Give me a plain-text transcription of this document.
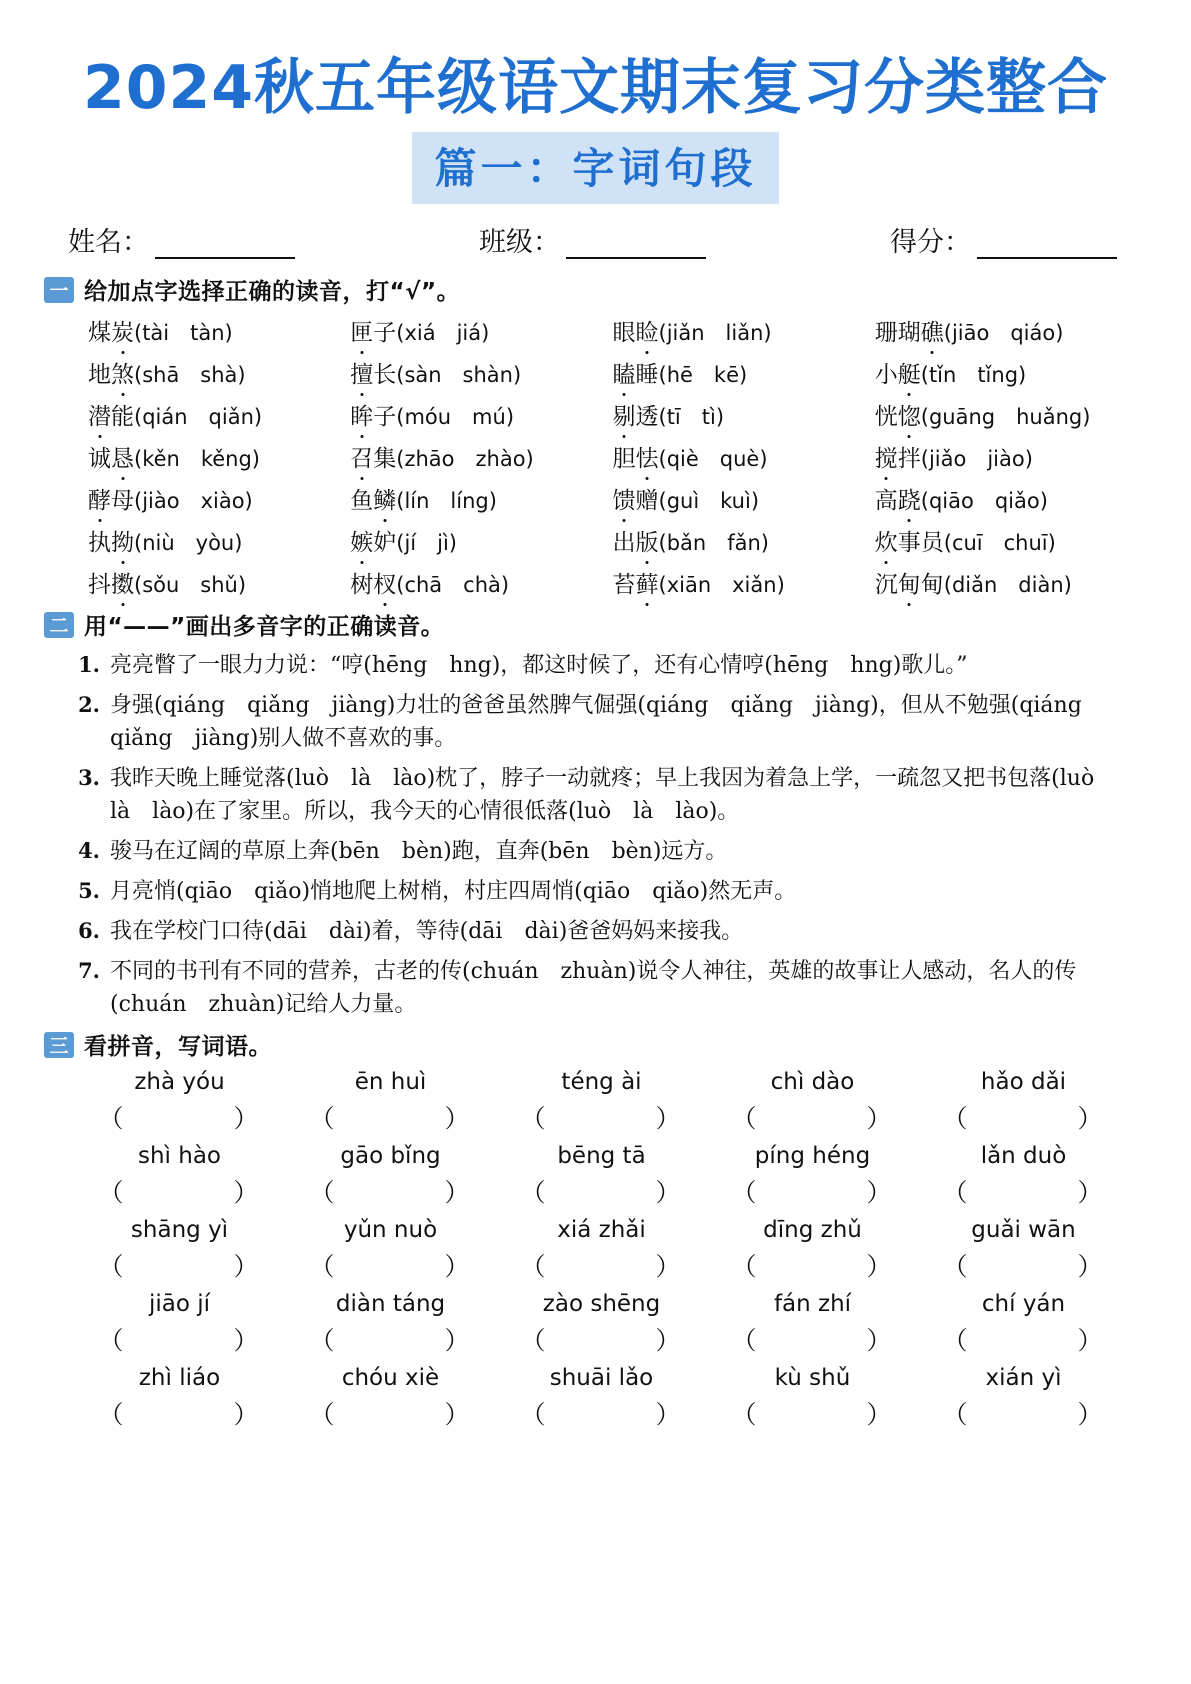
2024秋五年级语文期末复习分类整合
篇一：字词句段
姓名：	班级：	得分：
一 给加点字选择正确的读音，打“√”。
煤炭(tài　tàn)	匣子(xiá　jiá)	眼睑(jiǎn　liǎn)	珊瑚礁(jiāo　qiáo)
地煞(shā　shà)	擅长(sàn　shàn)	瞌睡(hē　kē)	小艇(tǐn　tǐng)
潜能(qián　qiǎn)	眸子(móu　mú)	剔透(tī　tì)	恍惚(guāng　huǎng)
诚恳(kěn　kěng)	召集(zhāo　zhào)	胆怯(qiè　què)	搅拌(jiǎo　jiào)
酵母(jiào　xiào)	鱼鳞(lín　líng)	馈赠(guì　kuì)	高跷(qiāo　qiǎo)
执拗(niù　yòu)	嫉妒(jí　jì)	出版(bǎn　fǎn)	炊事员(cuī　chuī)
抖擞(sǒu　shǔ)	树杈(chā　chà)	苔藓(xiān　xiǎn)	沉甸甸(diǎn　diàn)
二 用“——”画出多音字的正确读音。
1. 亮亮瞥了一眼力力说：“哼(hēng　hng)，都这时候了，还有心情哼(hēng　hng)歌儿。”
2. 身强(qiáng　qiǎng　jiàng)力壮的爸爸虽然脾气倔强(qiáng　qiǎng　jiàng)，但从不勉强(qiáng　qiǎng　jiàng)别人做不喜欢的事。
3. 我昨天晚上睡觉落(luò　là　lào)枕了，脖子一动就疼；早上我因为着急上学，一疏忽又把书包落(luò　là　lào)在了家里。所以，我今天的心情很低落(luò　là　lào)。
4. 骏马在辽阔的草原上奔(bēn　bèn)跑，直奔(bēn　bèn)远方。
5. 月亮悄(qiāo　qiǎo)悄地爬上树梢，村庄四周悄(qiāo　qiǎo)然无声。
6. 我在学校门口待(dāi　dài)着，等待(dāi　dài)爸爸妈妈来接我。
7. 不同的书刊有不同的营养，古老的传(chuán　zhuàn)说令人神往，英雄的故事让人感动，名人的传(chuán　zhuàn)记给人力量。
三 看拼音，写词语。
zhà yóu	ēn huì	téng ài	chì dào	hǎo dǎi
（　　　　）	（　　　　）	（　　　　）	（　　　　）	（　　　　）
shì hào	gāo bǐng	bēng tā	píng héng	lǎn duò
（　　　　）	（　　　　）	（　　　　）	（　　　　）	（　　　　）
shāng yì	yǔn nuò	xiá zhǎi	dīng zhǔ	guǎi wān
（　　　　）	（　　　　）	（　　　　）	（　　　　）	（　　　　）
jiāo jí	diàn táng	zào shēng	fán zhí	chí yán
（　　　　）	（　　　　）	（　　　　）	（　　　　）	（　　　　）
zhì liáo	chóu xiè	shuāi lǎo	kù shǔ	xián yì
（　　　　）	（　　　　）	（　　　　）	（　　　　）	（　　　　）
